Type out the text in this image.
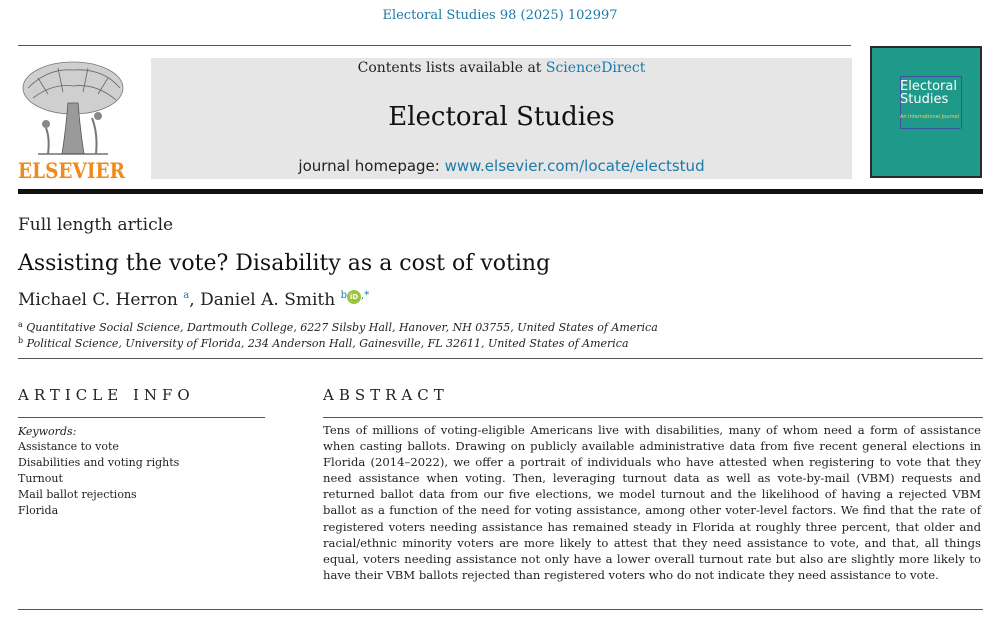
Electoral Studies 98 (2025) 102997
ELSEVIER
Contents lists available at ScienceDirect
Electoral Studies
journal homepage: www.elsevier.com/locate/electstud
Electoral
Studies
An International Journal
Full length article
Assisting the vote? Disability as a cost of voting
Michael C. Herron $^a$, Daniel A. Smith $^b$ iD ,*
$^a$ Quantitative Social Science, Dartmouth College, 6227 Silsby Hall, Hanover, NH 03755, United States of America
$^b$ Political Science, University of Florida, 234 Anderson Hall, Gainesville, FL 32611, United States of America
ARTICLE INFO
Keywords:
Assistance to vote
Disabilities and voting rights
Turnout
Mail ballot rejections
Florida
ABSTRACT
Tens of millions of voting-eligible Americans live with disabilities, many of whom need a form of assistance when casting ballots. Drawing on publicly available administrative data from five recent general elections in Florida (2014–2022), we offer a portrait of individuals who have attested when registering to vote that they need assistance when voting. Then, leveraging turnout data as well as vote-by-mail (VBM) requests and returned ballot data from our five elections, we model turnout and the likelihood of having a rejected VBM ballot as a function of the need for voting assistance, among other voter-level factors. We find that the rate of registered voters needing assistance has remained steady in Florida at roughly three percent, that older and racial/ethnic minority voters are more likely to attest that they need assistance to vote, and that, all things equal, voters needing assistance not only have a lower overall turnout rate but also are slightly more likely to have their VBM ballots rejected than registered voters who do not indicate they need assistance to vote.
